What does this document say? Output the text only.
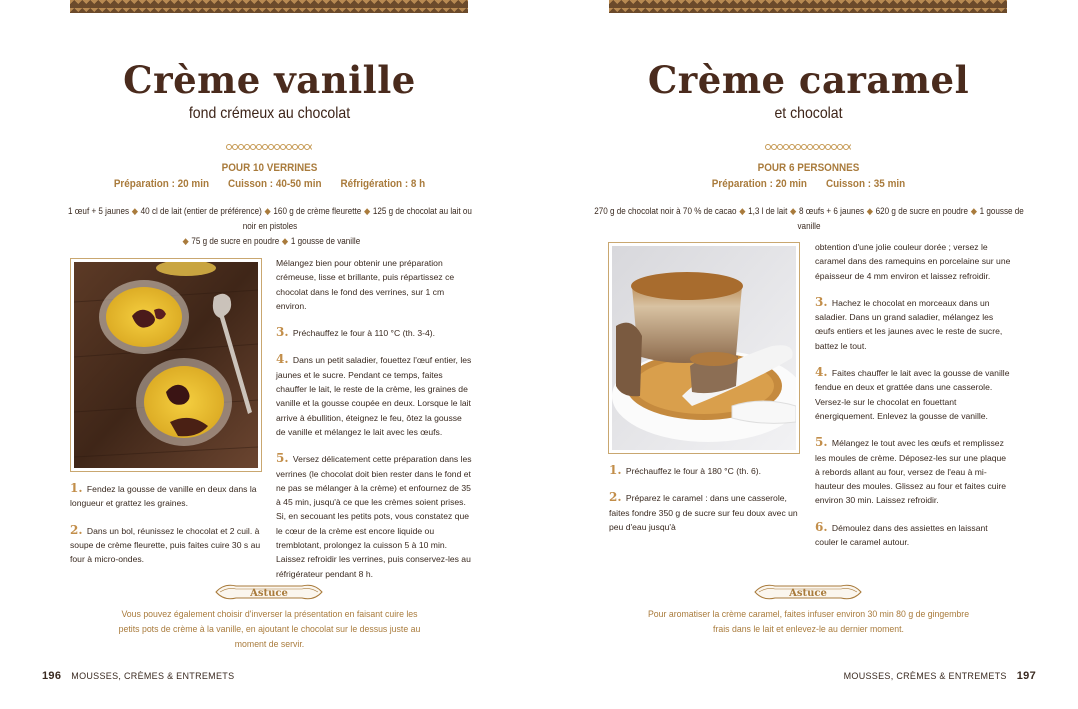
Crème vanille
fond crémeux au chocolat
POUR 10 VERRINES
Préparation : 20 min Cuisson : 40-50 min Réfrigération : 8 h
1 œuf + 5 jaunes ◆ 40 cl de lait (entier de préférence) ◆ 160 g de crème fleurette ◆ 125 g de chocolat au lait ou noir en pistoles
◆ 75 g de sucre en poudre ◆ 1 gousse de vanille

1. Fendez la gousse de vanille en deux dans la longueur et grattez les graines.

2. Dans un bol, réunissez le chocolat et 2 cuil. à soupe de crème fleurette, puis faites cuire 30 s au four à micro-ondes.

Mélangez bien pour obtenir une préparation crémeuse, lisse et brillante, puis répartissez ce chocolat dans le fond des verrines, sur 1 cm environ.

3. Préchauffez le four à 110 °C (th. 3-4).

4. Dans un petit saladier, fouettez l'œuf entier, les jaunes et le sucre. Pendant ce temps, faites chauffer le lait, le reste de la crème, les graines de vanille et la gousse coupée en deux. Lorsque le lait arrive à ébullition, éteignez le feu, ôtez la gousse de vanille et mélangez le lait avec les œufs.

5. Versez délicatement cette préparation dans les verrines (le chocolat doit bien rester dans le fond et ne pas se mélanger à la crème) et enfournez de 35 à 45 min, jusqu'à ce que les crèmes soient prises. Si, en secouant les petits pots, vous constatez que le cœur de la crème est encore liquide ou tremblotant, prolongez la cuisson 5 à 10 min. Laissez refroidir les verrines, puis conservez-les au réfrigérateur pendant 8 h.

Astuce
Vous pouvez également choisir d'inverser la présentation en faisant cuire les petits pots de crème à la vanille, en ajoutant le chocolat sur le dessus juste au moment de servir.
196 MOUSSES, CRÈMES & ENTREMETS
Crème caramel
et chocolat
POUR 6 PERSONNES
Préparation : 20 min Cuisson : 35 min
270 g de chocolat noir à 70 % de cacao ◆ 1,3 l de lait ◆ 8 œufs + 6 jaunes ◆ 620 g de sucre en poudre ◆ 1 gousse de vanille

1. Préchauffez le four à 180 °C (th. 6).

2. Préparez le caramel : dans une casserole, faites fondre 350 g de sucre sur feu doux avec un peu d'eau jusqu'à

obtention d'une jolie couleur dorée ; versez le caramel dans des ramequins en porcelaine sur une épaisseur de 4 mm environ et laissez refroidir.

3. Hachez le chocolat en morceaux dans un saladier. Dans un grand saladier, mélangez les œufs entiers et les jaunes avec le reste de sucre, battez le tout.

4. Faites chauffer le lait avec la gousse de vanille fendue en deux et grattée dans une casserole. Versez-le sur le chocolat en fouettant énergiquement. Enlevez la gousse de vanille.

5. Mélangez le tout avec les œufs et remplissez les moules de crème. Déposez-les sur une plaque à rebords allant au four, versez de l'eau à mi-hauteur des moules. Glissez au four et faites cuire environ 30 min. Laissez refroidir.

6. Démoulez dans des assiettes en laissant couler le caramel autour.

Astuce
Pour aromatiser la crème caramel, faites infuser environ 30 min 80 g de gingembre frais dans le lait et enlevez-le au dernier moment.
MOUSSES, CRÈMES & ENTREMETS 197
